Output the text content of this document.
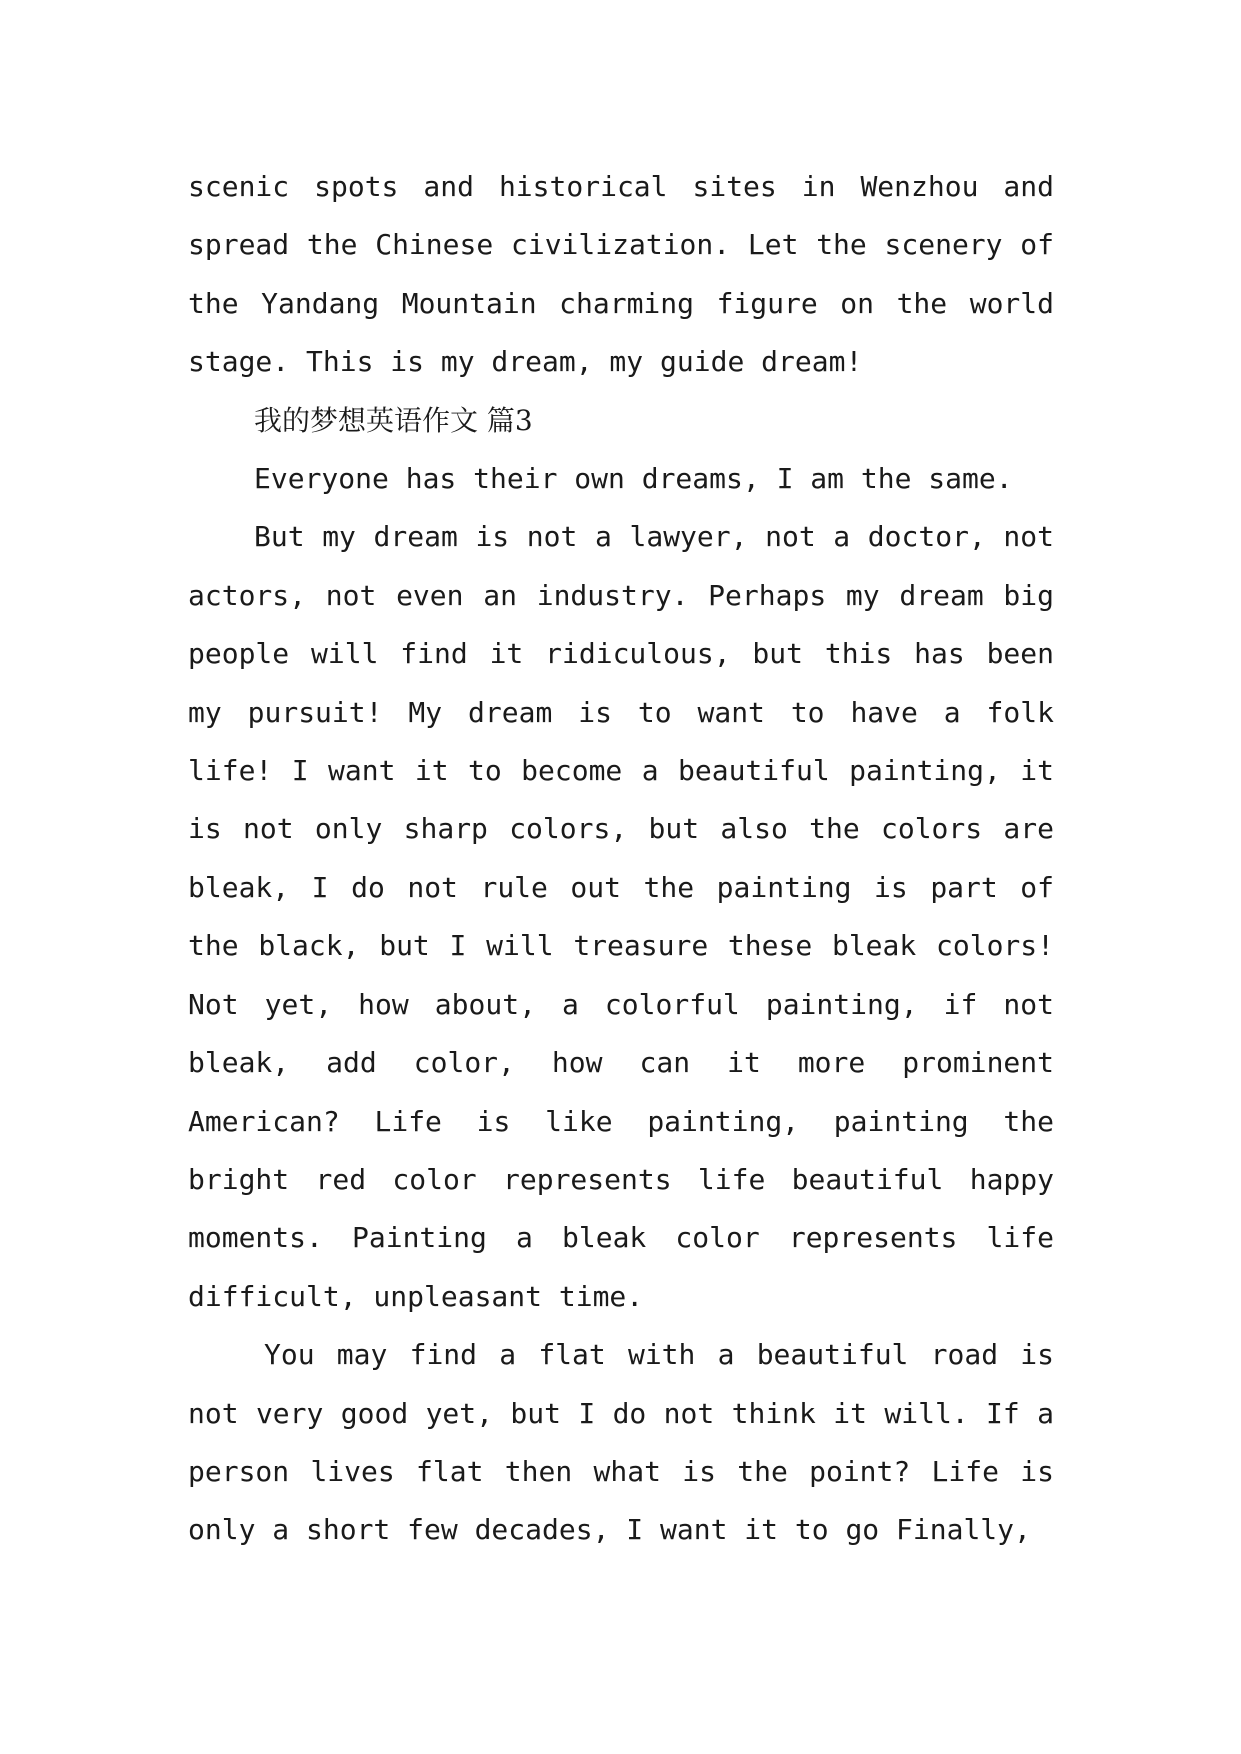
scenic spots and historical sites in Wenzhou and spread the Chinese civilization. Let the scenery of the Yandang Mountain charming figure on the world stage. This is my dream, my guide dream!

我的梦想英语作文 篇3

Everyone has their own dreams, I am the same.

But my dream is not a lawyer, not a doctor, not actors, not even an industry. Perhaps my dream big people will find it ridiculous, but this has been my pursuit! My dream is to want to have a folk life! I want it to become a beautiful painting, it is not only sharp colors, but also the colors are bleak, I do not rule out the painting is part of the black, but I will treasure these bleak colors! Not yet, how about, a colorful painting, if not bleak, add color, how can it more prominent American? Life is like painting, painting the bright red color represents life beautiful happy moments. Painting a bleak color represents life difficult, unpleasant time.

You may find a flat with a beautiful road is not very good yet, but I do not think it will. If a person lives flat then what is the point? Life is only a short few decades, I want it to go Finally,
